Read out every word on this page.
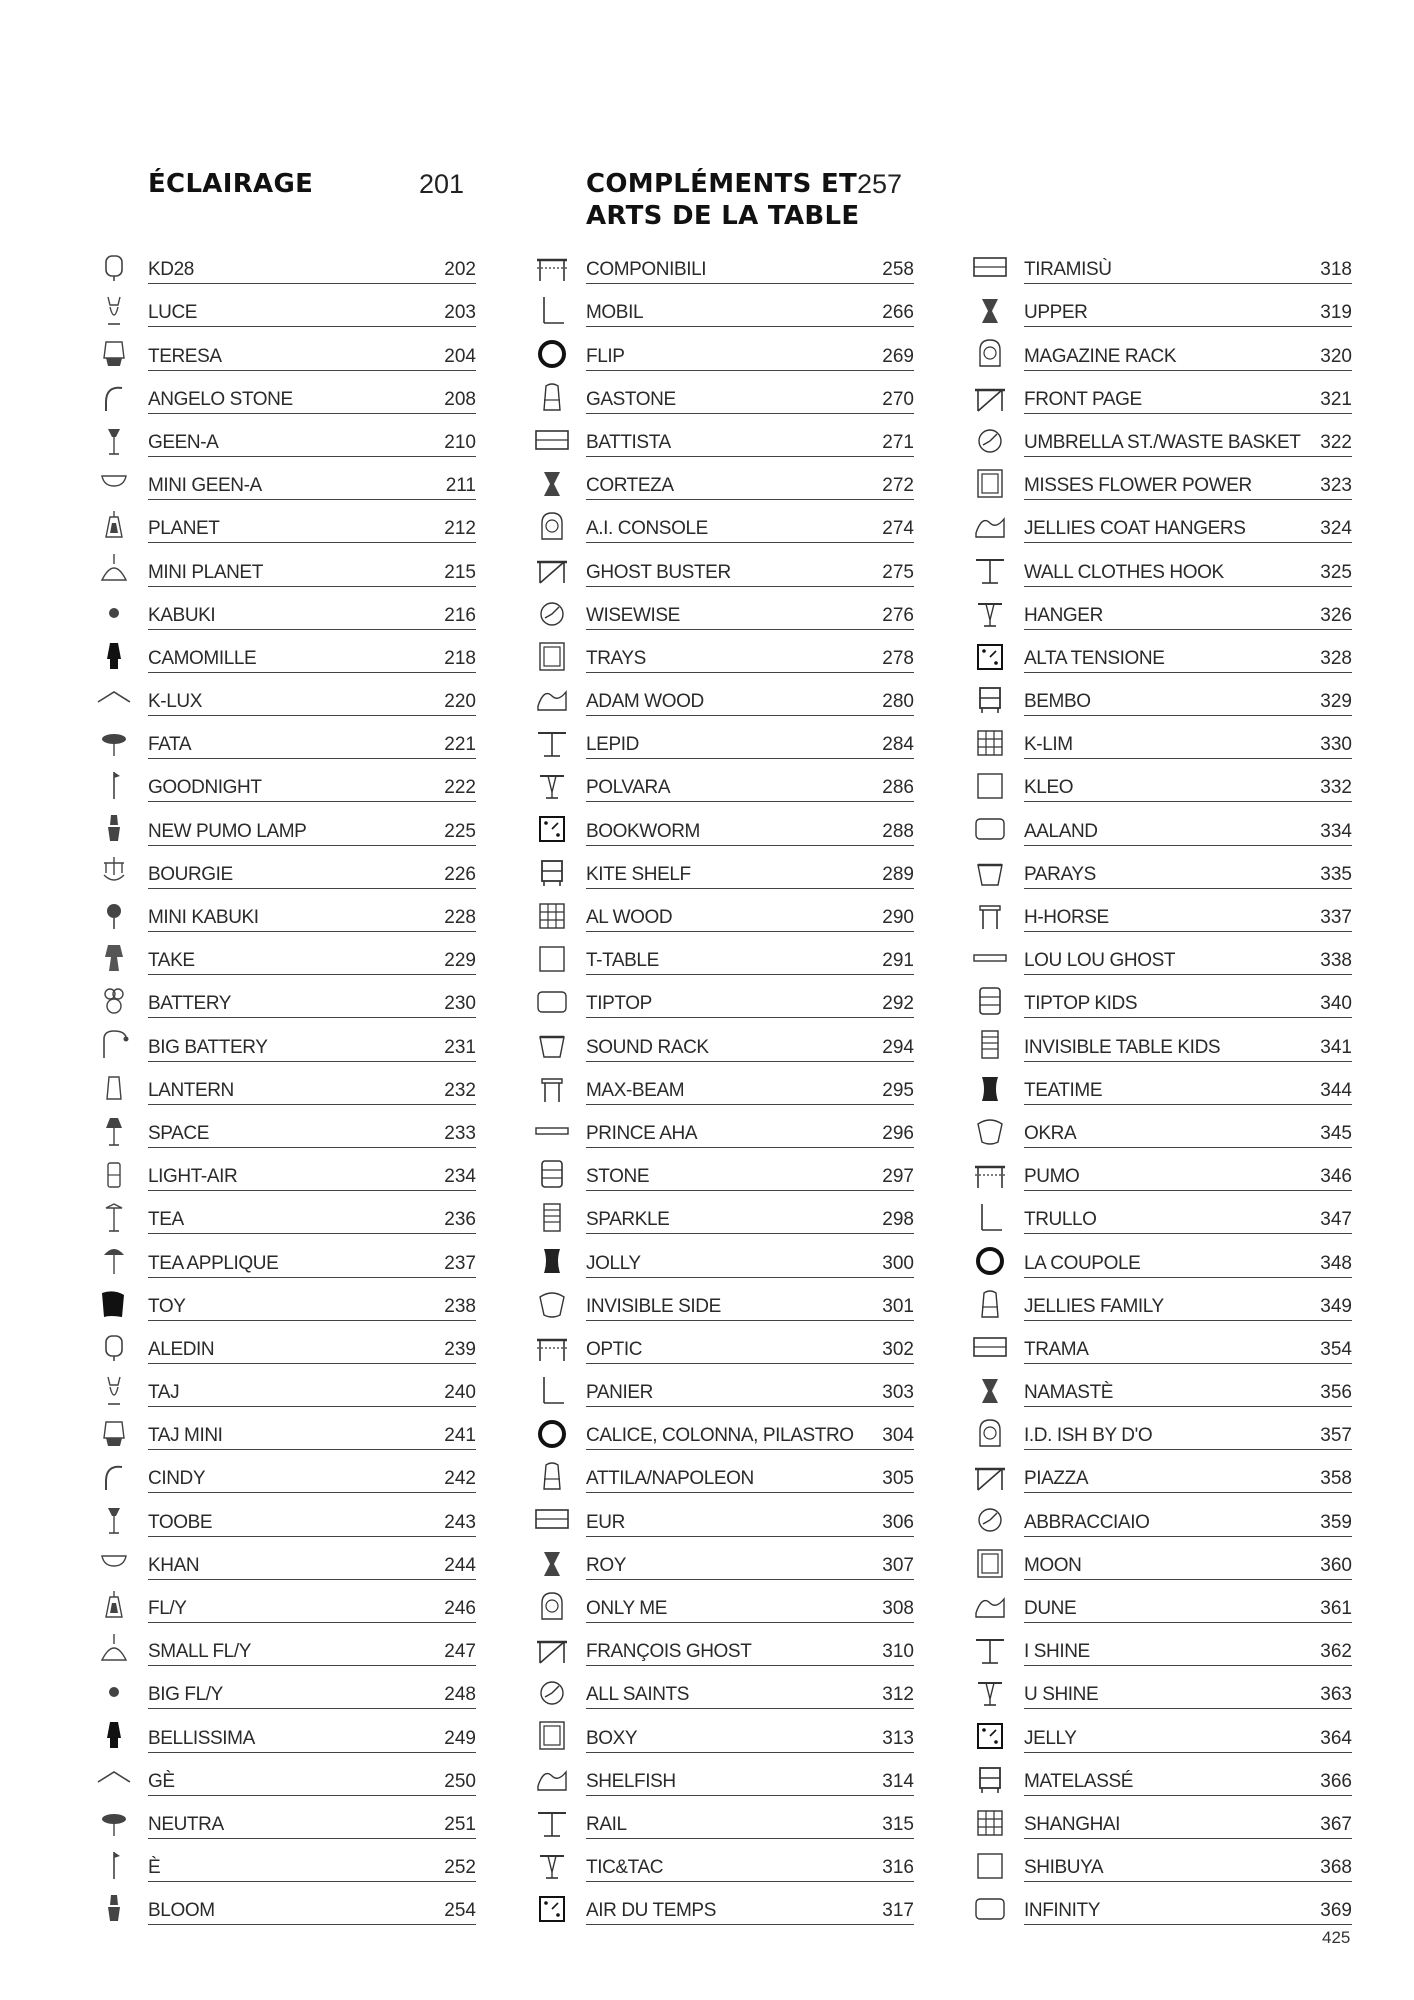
ÉCLAIRAGE	201	COMPLÉMENTS ET
ARTS DE LA TABLE
257
KD28	202
LUCE	203
TERESA	204
ANGELO STONE	208
GEEN-A	210
MINI GEEN-A	211
PLANET	212
MINI PLANET	215
KABUKI	216
CAMOMILLE	218
K-LUX	220
FATA	221
GOODNIGHT	222
NEW PUMO LAMP	225
BOURGIE	226
MINI KABUKI	228
TAKE	229
BATTERY	230
BIG BATTERY	231
LANTERN	232
SPACE	233
LIGHT-AIR	234
TEA	236
TEA APPLIQUE	237
TOY	238
ALEDIN	239
TAJ	240
TAJ MINI	241
CINDY	242
TOOBE	243
KHAN	244
FL/Y	246
SMALL FL/Y	247
BIG FL/Y	248
BELLISSIMA	249
GÈ	250
NEUTRA	251
È	252
BLOOM	254
COMPONIBILI	258
MOBIL	266
FLIP	269
GASTONE	270
BATTISTA	271
CORTEZA	272
A.I. CONSOLE	274
GHOST BUSTER	275
WISEWISE	276
TRAYS	278
ADAM WOOD	280
LEPID	284
POLVARA	286
BOOKWORM	288
KITE SHELF	289
AL WOOD	290
T-TABLE	291
TIPTOP	292
SOUND RACK	294
MAX-BEAM	295
PRINCE AHA	296
STONE	297
SPARKLE	298
JOLLY	300
INVISIBLE SIDE	301
OPTIC	302
PANIER	303
CALICE, COLONNA, PILASTRO 304
ATTILA/NAPOLEON	305
EUR	306
ROY	307
ONLY ME	308
FRANÇOIS GHOST	310
ALL SAINTS	312
BOXY	313
SHELFISH	314
RAIL	315
TIC&TAC	316
AIR DU TEMPS	317
TIRAMISÙ	318
UPPER	319
MAGAZINE RACK	320
FRONT PAGE	321
UMBRELLA ST./WASTE BASKET 322
MISSES FLOWER POWER	323
JELLIES COAT HANGERS	324
WALL CLOTHES HOOK	325
HANGER	326
ALTA TENSIONE	328
BEMBO	329
K-LIM	330
KLEO	332
AALAND	334
PARAYS	335
H-HORSE	337
LOU LOU GHOST	338
TIPTOP KIDS	340
INVISIBLE TABLE KIDS	341
TEATIME	344
OKRA	345
PUMO	346
TRULLO	347
LA COUPOLE	348
JELLIES FAMILY	349
TRAMA	354
NAMASTÈ	356
I.D. ISH BY D'O	357
PIAZZA	358
ABBRACCIAIO	359
MOON	360
DUNE	361
I SHINE	362
U SHINE	363
JELLY	364
MATELASSÉ	366
SHANGHAI	367
SHIBUYA	368
INFINITY	369
425
